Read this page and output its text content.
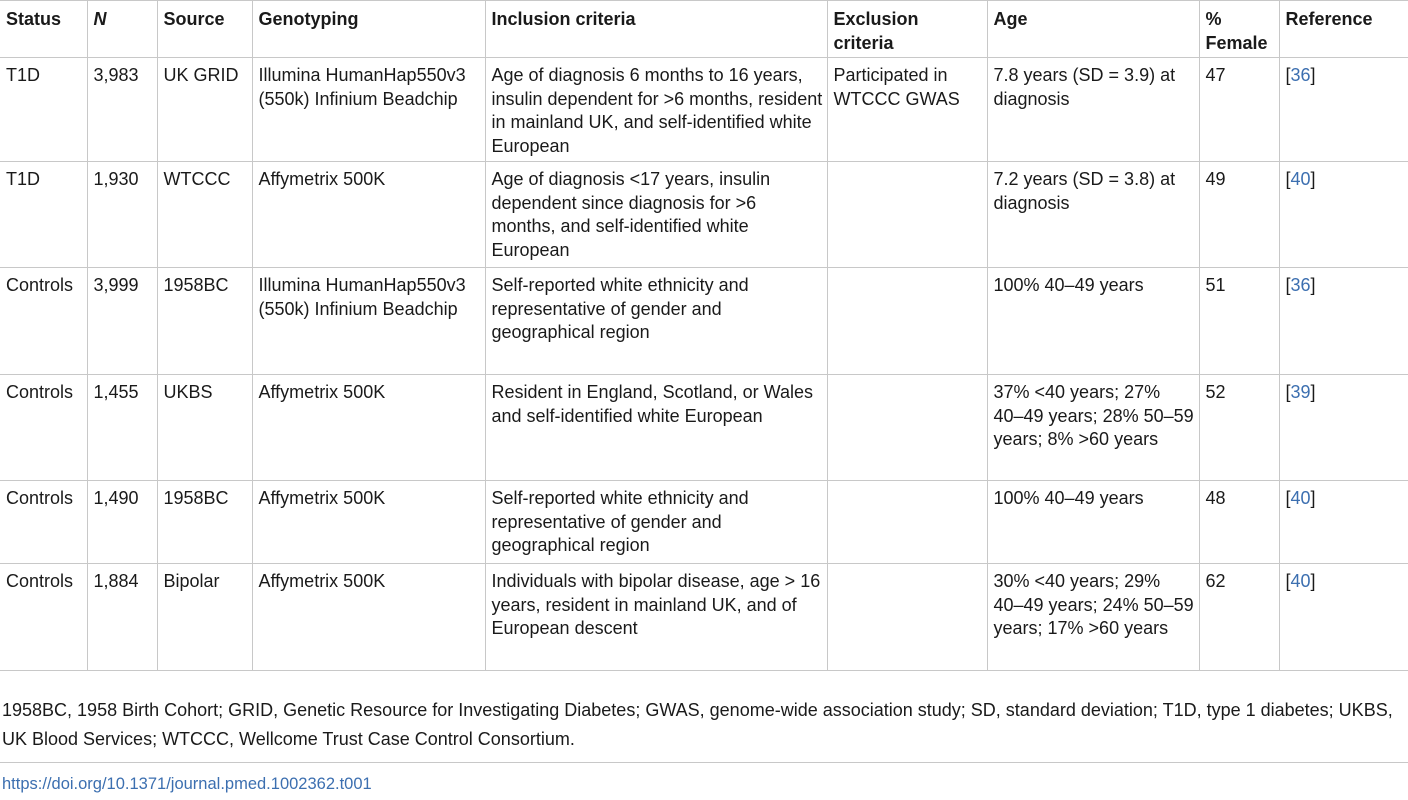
Status	N	Source	Genotyping	Inclusion criteria	Exclusion criteria	Age	% Female	Reference

T1D	3,983	UK GRID	Illumina HumanHap550v3 (550k) Infinium Beadchip	Age of diagnosis 6 months to 16 years, insulin dependent for >6 months, resident in mainland UK, and self-identified white European	Participated in WTCCC GWAS	7.8 years (SD = 3.9) at diagnosis	47	[36]

T1D	1,930	WTCCC	Affymetrix 500K	Age of diagnosis <17 years, insulin dependent since diagnosis for >6 months, and self-identified white European		7.2 years (SD = 3.8) at diagnosis	49	[40]

Controls	3,999	1958BC	Illumina HumanHap550v3 (550k) Infinium Beadchip	Self-reported white ethnicity and representative of gender and geographical region		100% 40–49 years	51	[36]

Controls	1,455	UKBS	Affymetrix 500K	Resident in England, Scotland, or Wales and self-identified white European		37% <40 years; 27% 40–49 years; 28% 50–59 years; 8% >60 years	52	[39]

Controls	1,490	1958BC	Affymetrix 500K	Self-reported white ethnicity and representative of gender and geographical region		100% 40–49 years	48	[40]

Controls	1,884	Bipolar	Affymetrix 500K	Individuals with bipolar disease, age > 16 years, resident in mainland UK, and of European descent		30% <40 years; 29% 40–49 years; 24% 50–59 years; 17% >60 years	62	[40]
1958BC, 1958 Birth Cohort; GRID, Genetic Resource for Investigating Diabetes; GWAS, genome-wide association study; SD, standard deviation; T1D, type 1 diabetes; UKBS, UK Blood Services; WTCCC, Wellcome Trust Case Control Consortium.
https://doi.org/10.1371/journal.pmed.1002362.t001
